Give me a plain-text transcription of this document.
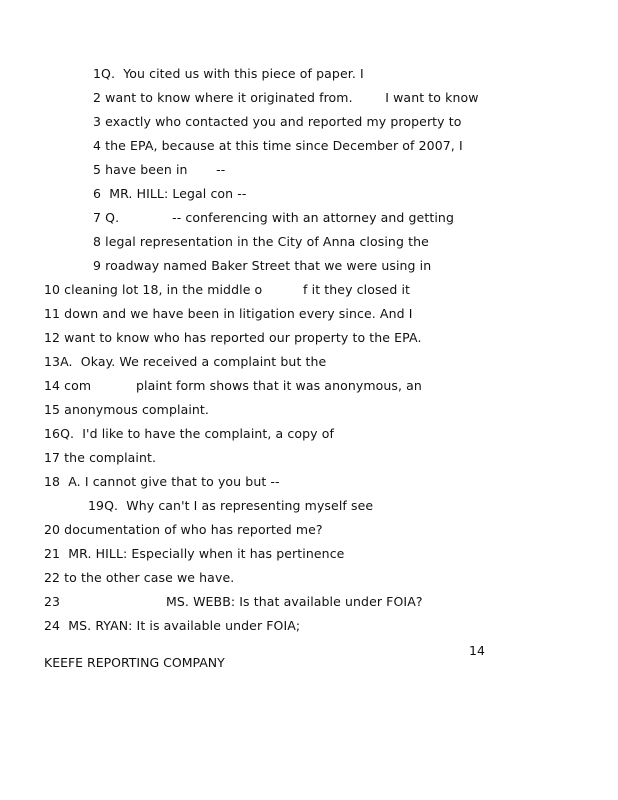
1Q.  You cited us with this piece of paper. I
2 want to know where it originated from.        I want to know
3 exactly who contacted you and reported my property to
4 the EPA, because at this time since December of 2007, I
5 have been in       --
6  MR. HILL: Legal con --
7 Q.             -- conferencing with an attorney and getting
8 legal representation in the City of Anna closing the
9 roadway named Baker Street that we were using in
10 cleaning lot 18, in the middle o          f it they closed it
11 down and we have been in litigation every since. And I
12 want to know who has reported our property to the EPA.
13A.  Okay. We received a complaint but the
14 com           plaint form shows that it was anonymous, an
15 anonymous complaint.
16Q.  I'd like to have the complaint, a copy of
17 the complaint.
18  A. I cannot give that to you but --
19Q.  Why can't I as representing myself see
20 documentation of who has reported me?
21  MR. HILL: Especially when it has pertinence
22 to the other case we have.
23                          MS. WEBB: Is that available under FOIA?
24  MS. RYAN: It is available under FOIA;
14
KEEFE REPORTING COMPANY
